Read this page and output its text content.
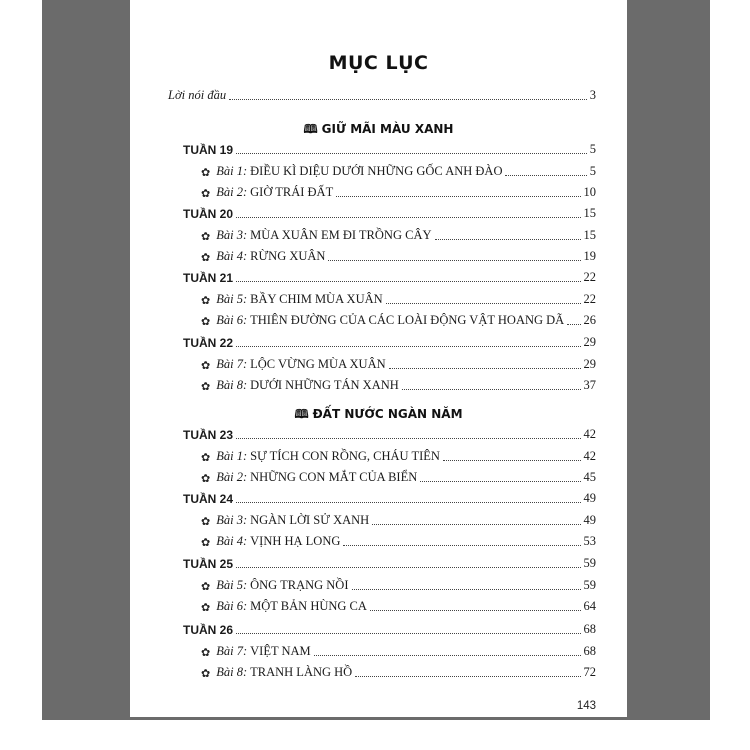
MỤC LỤC
Lời nói đầu	3
🕮 GIỮ MÃI MÀU XANH
🕮 ĐẤT NƯỚC NGÀN NĂM
TUẦN 19	5
✿ Bài 1: ĐIỀU KÌ DIỆU DƯỚI NHỮNG GỐC ANH ĐÀO	5
✿ Bài 2: GIỜ TRÁI ĐẤT	10
TUẦN 20	15
✿ Bài 3: MÙA XUÂN EM ĐI TRỒNG CÂY	15
✿ Bài 4: RỪNG XUÂN	19
TUẦN 21	22
✿ Bài 5: BẦY CHIM MÙA XUÂN	22
✿ Bài 6: THIÊN ĐƯỜNG CỦA CÁC LOÀI ĐỘNG VẬT HOANG DÃ 26
TUẦN 22	29
✿ Bài 7: LỘC VỪNG MÙA XUÂN	29
✿ Bài 8: DƯỚI NHỮNG TÁN XANH	37
TUẦN 23	42
✿ Bài 1: SỰ TÍCH CON RỒNG, CHÁU TIÊN	42
✿ Bài 2: NHỮNG CON MẮT CỦA BIỂN	45
TUẦN 24	49
✿ Bài 3: NGÀN LỜI SỬ XANH	49
✿ Bài 4: VỊNH HẠ LONG	53
TUẦN 25	59
✿ Bài 5: ÔNG TRẠNG NỒI	59
✿ Bài 6: MỘT BẢN HÙNG CA	64
TUẦN 26	68
✿ Bài 7: VIỆT NAM	68
✿ Bài 8: TRANH LÀNG HỒ	72
143
